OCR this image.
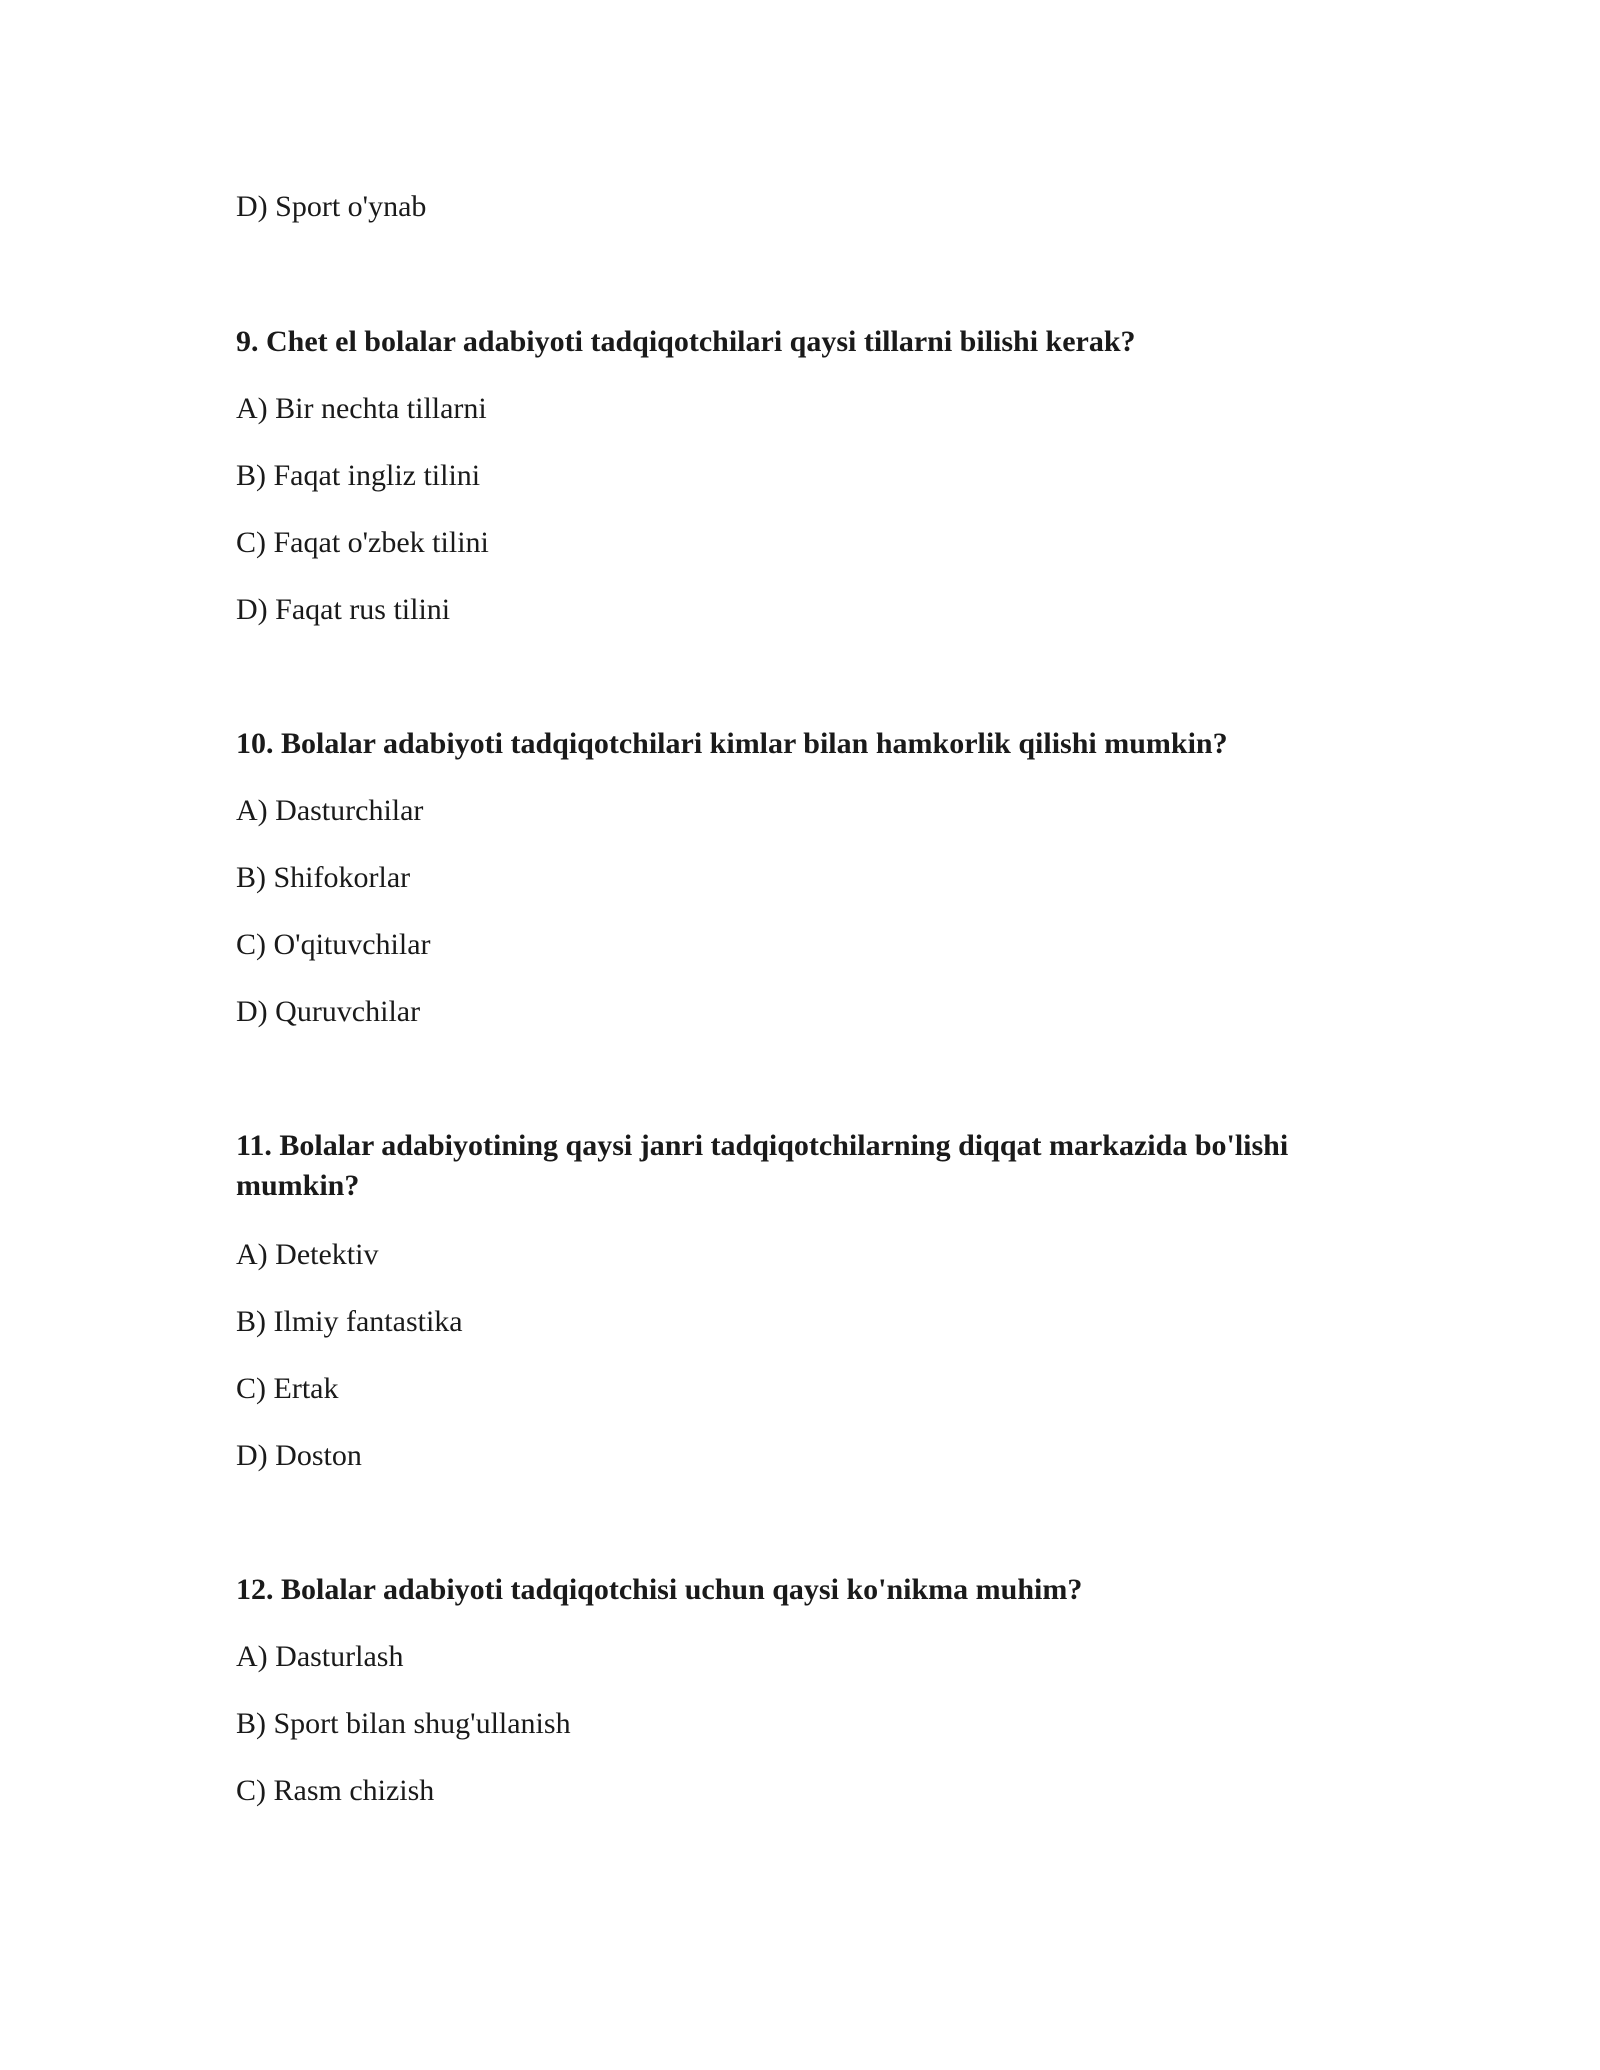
D) Sport o'ynab
9. Chet el bolalar adabiyoti tadqiqotchilari qaysi tillarni bilishi kerak?
A) Bir nechta tillarni
B) Faqat ingliz tilini
C) Faqat o'zbek tilini
D) Faqat rus tilini
10. Bolalar adabiyoti tadqiqotchilari kimlar bilan hamkorlik qilishi mumkin?
A) Dasturchilar
B) Shifokorlar
C) O'qituvchilar
D) Quruvchilar
11. Bolalar adabiyotining qaysi janri tadqiqotchilarning diqqat markazida bo'lishi mumkin?
A) Detektiv
B) Ilmiy fantastika
C) Ertak
D) Doston
12. Bolalar adabiyoti tadqiqotchisi uchun qaysi ko'nikma muhim?
A) Dasturlash
B) Sport bilan shug'ullanish
C) Rasm chizish
